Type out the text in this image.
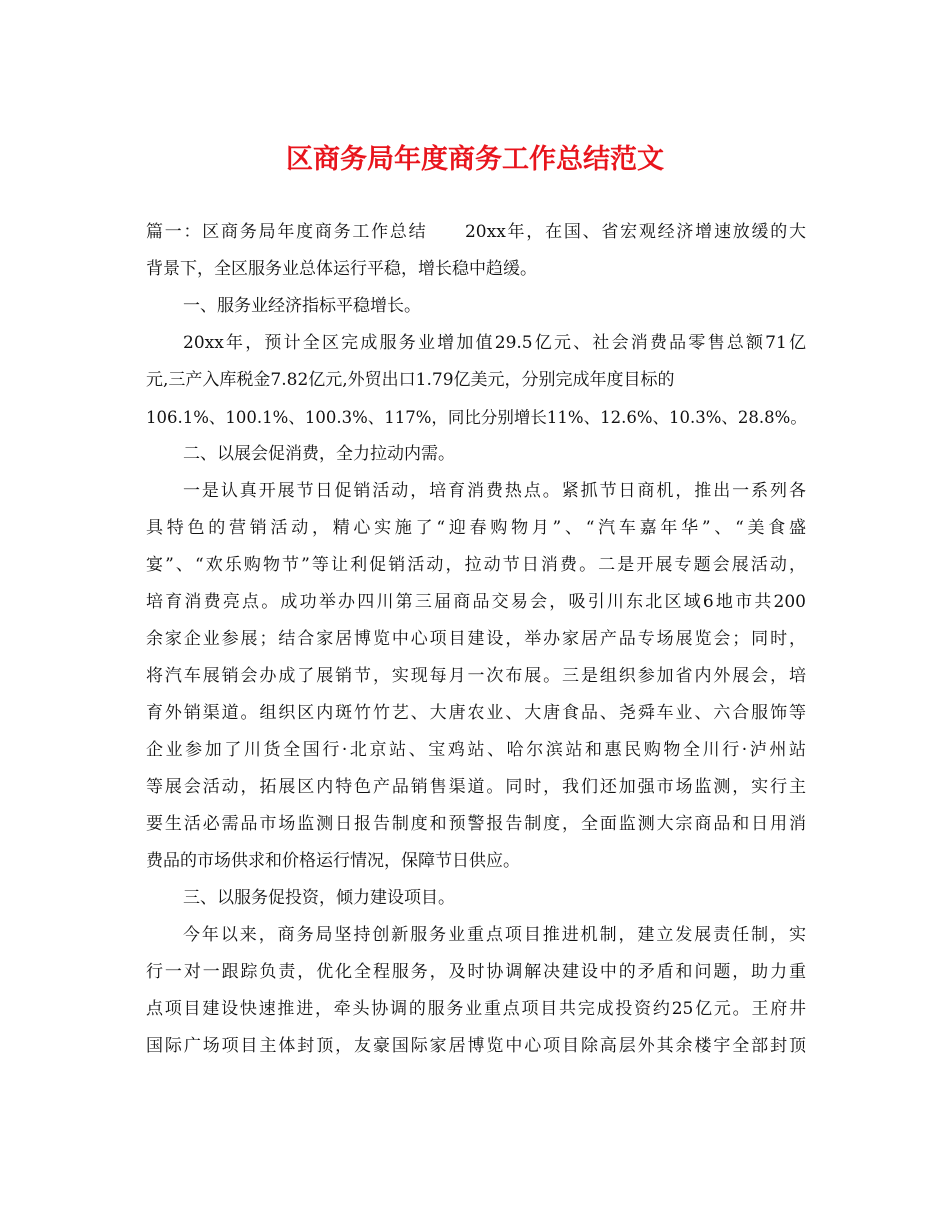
区商务局年度商务工作总结范文
篇一：区商务局年度商务工作总结　　20xx年，在国、省宏观经济增速放缓的大
背景下，全区服务业总体运行平稳，增长稳中趋缓。
一、服务业经济指标平稳增长。
20xx年，预计全区完成服务业增加值29.5亿元、社会消费品零售总额71亿
元,三产入库税金7.82亿元,外贸出口1.79亿美元，分别完成年度目标的
106.1%、100.1%、100.3%、117%，同比分别增长11%、12.6%、10.3%、28.8%。
二、以展会促消费，全力拉动内需。
一是认真开展节日促销活动，培育消费热点。紧抓节日商机，推出一系列各
具特色的营销活动，精心实施了“迎春购物月”、“汽车嘉年华”、“美食盛
宴”、“欢乐购物节”等让利促销活动，拉动节日消费。二是开展专题会展活动，
培育消费亮点。成功举办四川第三届商品交易会，吸引川东北区域6地市共200
余家企业参展；结合家居博览中心项目建设，举办家居产品专场展览会；同时，
将汽车展销会办成了展销节，实现每月一次布展。三是组织参加省内外展会，培
育外销渠道。组织区内斑竹竹艺、大唐农业、大唐食品、尧舜车业、六合服饰等
企业参加了川货全国行·北京站、宝鸡站、哈尔滨站和惠民购物全川行·泸州站
等展会活动，拓展区内特色产品销售渠道。同时，我们还加强市场监测，实行主
要生活必需品市场监测日报告制度和预警报告制度，全面监测大宗商品和日用消
费品的市场供求和价格运行情况，保障节日供应。
三、以服务促投资，倾力建设项目。
今年以来，商务局坚持创新服务业重点项目推进机制，建立发展责任制，实
行一对一跟踪负责，优化全程服务，及时协调解决建设中的矛盾和问题，助力重
点项目建设快速推进，牵头协调的服务业重点项目共完成投资约25亿元。王府井
国际广场项目主体封顶，友豪国际家居博览中心项目除高层外其余楼宇全部封顶
